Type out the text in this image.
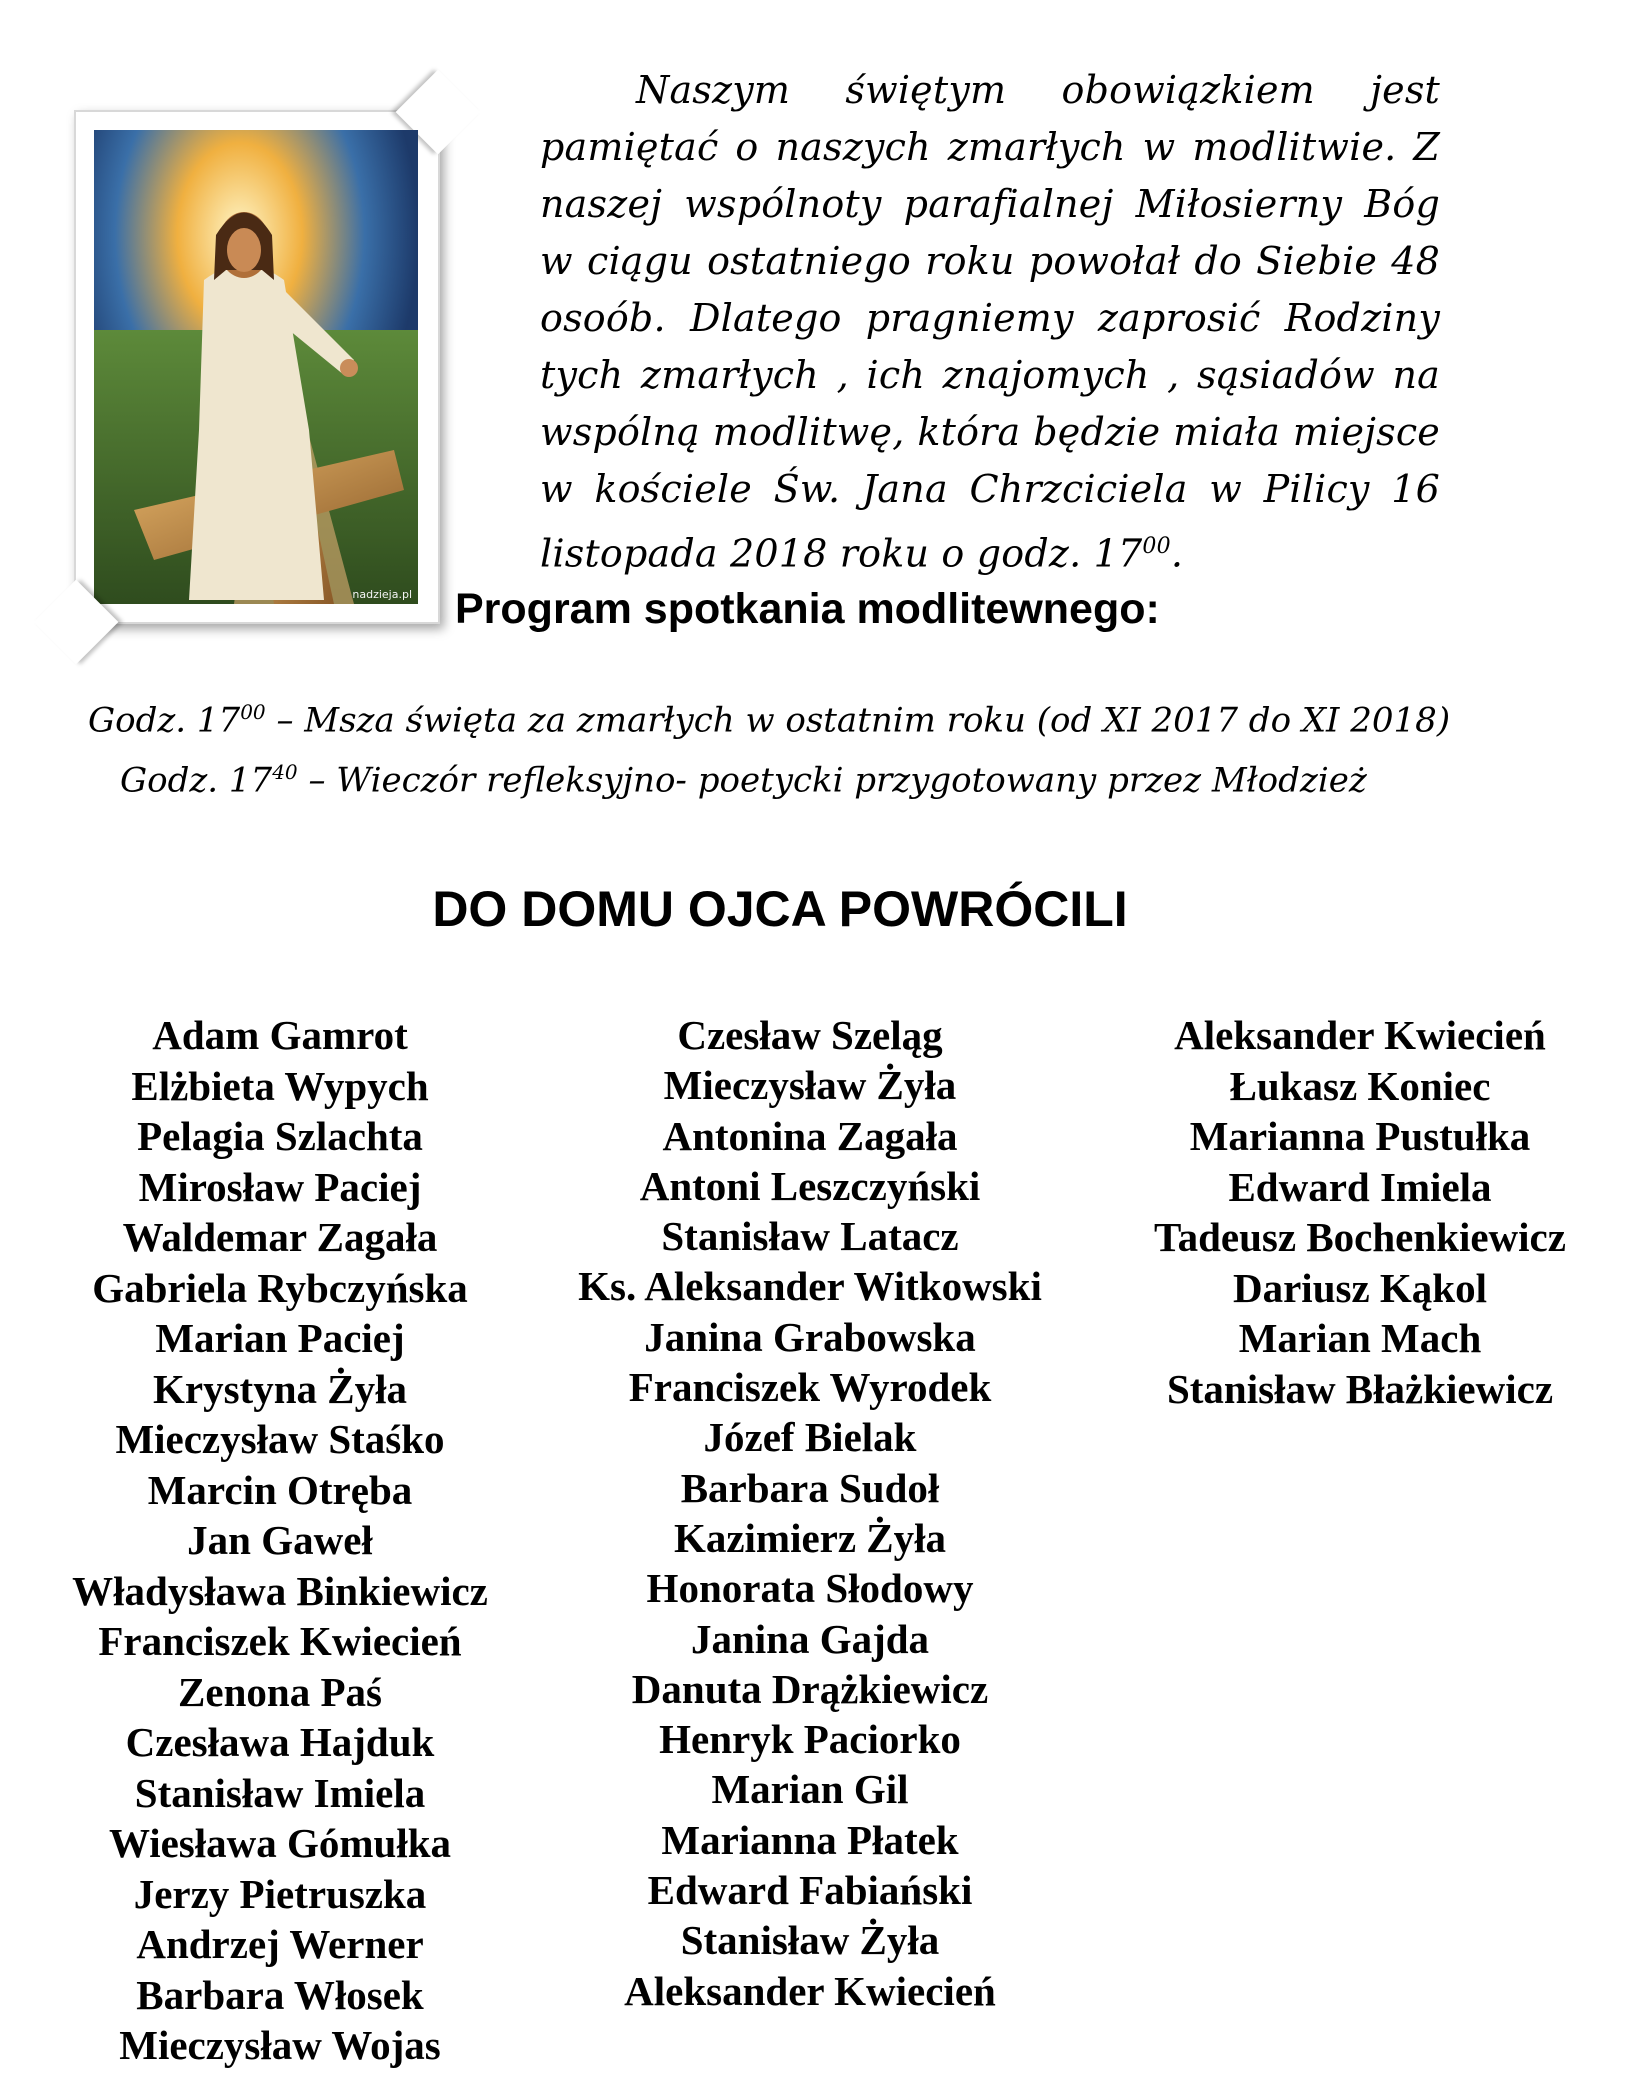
nadzieja.pl
Naszym świętym obowiązkiem jest pamiętać o naszych zmarłych w modlitwie. Z naszej wspólnoty parafialnej Miłosierny Bóg w ciągu ostatniego roku powołał do Siebie 48 osoób. Dlatego pragniemy zaprosić Rodziny tych zmarłych , ich znajomych , sąsiadów na wspólną modlitwę, która będzie miała miejsce w kościele Św. Jana Chrzciciela w Pilicy 16 listopada 2018 roku o godz. $17^{00}$.
Program spotkania modlitewnego:
Godz. $17^{00}$ – Msza święta za zmarłych w ostatnim roku (od XI 2017 do XI 2018)
Godz. $17^{40}$ – Wieczór refleksyjno- poetycki przygotowany przez Młodzież
DO DOMU OJCA POWRÓCILI
Adam Gamrot
Elżbieta Wypych
Pelagia Szlachta
Mirosław Paciej
Waldemar Zagała
Gabriela Rybczyńska
Marian Paciej
Krystyna Żyła
Mieczysław Staśko
Marcin Otręba
Jan Gaweł
Władysława Binkiewicz
Franciszek Kwiecień
Zenona Paś
Czesława Hajduk
Stanisław Imiela
Wiesława Gómułka
Jerzy Pietruszka
Andrzej Werner
Barbara Włosek
Mieczysław Wojas
Czesław Szeląg
Mieczysław Żyła
Antonina Zagała
Antoni Leszczyński
Stanisław Latacz
Ks. Aleksander Witkowski
Janina Grabowska
Franciszek Wyrodek
Józef Bielak
Barbara Sudoł
Kazimierz Żyła
Honorata Słodowy
Janina Gajda
Danuta Drążkiewicz
Henryk Paciorko
Marian Gil
Marianna Płatek
Edward Fabiański
Stanisław Żyła
Aleksander Kwiecień
Aleksander Kwiecień
Łukasz Koniec
Marianna Pustułka
Edward Imiela
Tadeusz Bochenkiewicz
Dariusz Kąkol
Marian Mach
Stanisław Błażkiewicz
